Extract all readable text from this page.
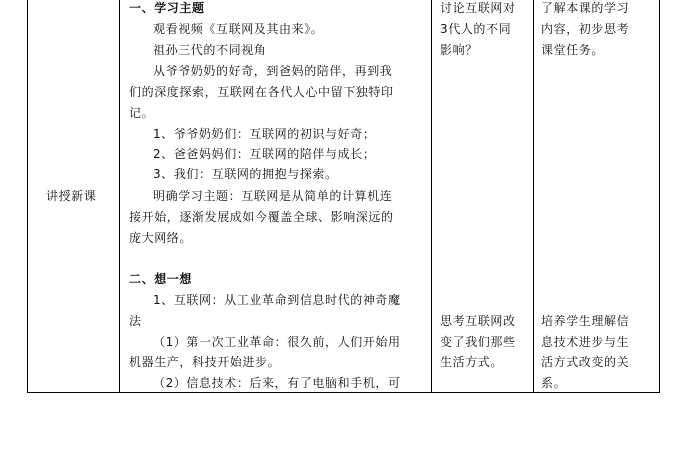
讲授新课
一、学习主题
观看视频《互联网及其由来》。
祖孙三代的不同视角
从爷爷奶奶的好奇，到爸妈的陪伴，再到我
们的深度探索，互联网在各代人心中留下独特印
记。
1、爷爷奶奶们：互联网的初识与好奇；
2、爸爸妈妈们：互联网的陪伴与成长；
3、我们：互联网的拥抱与探索。
明确学习主题：互联网是从简单的计算机连
接开始，逐渐发展成如今覆盖全球、影响深远的
庞大网络。
二、想一想
1、互联网：从工业革命到信息时代的神奇魔
法
（1）第一次工业革命：很久前，人们开始用
机器生产，科技开始进步。
（2）信息技术：后来，有了电脑和手机，可
讨论互联网对
3代人的不同
影响？
思考互联网改
变了我们那些
生活方式。
了解本课的学习
内容，初步思考
课堂任务。
培养学生理解信
息技术进步与生
活方式改变的关
系。
